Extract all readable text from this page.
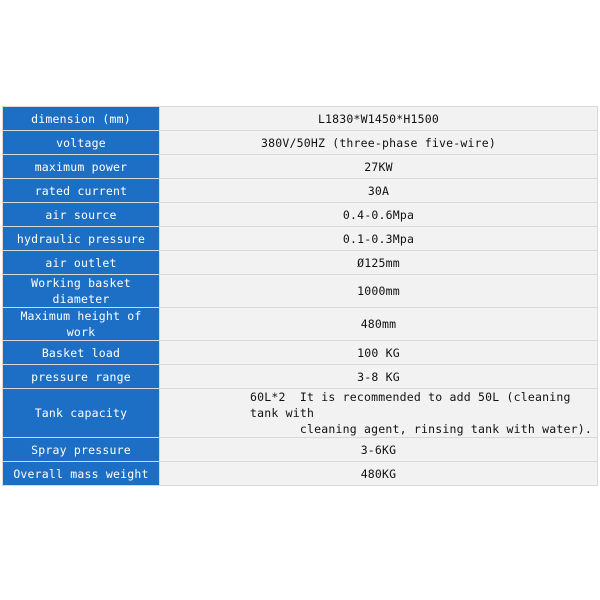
dimension (mm)	L1830*W1450*H1500
voltage	380V/50HZ (three-phase five-wire)
maximum power	27KW
rated current	30A
air source	0.4-0.6Mpa
hydraulic pressure	0.1-0.3Mpa
air outlet	Ø125mm
Working basket diameter	1000mm
Maximum height of work	480mm
Basket load	100 KG
pressure range	3-8 KG
Tank capacity	60L*2  It is recommended to add 50L (cleaning tank with
cleaning agent, rinsing tank with water).
Spray pressure	3-6KG
Overall mass weight	480KG
